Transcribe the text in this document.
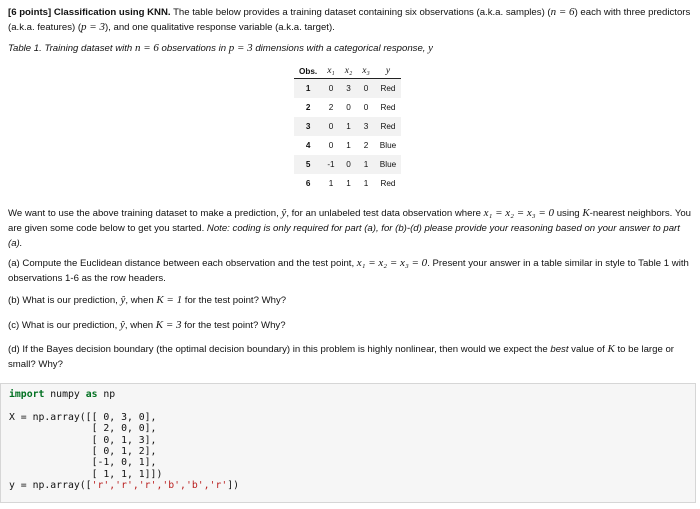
[6 points] Classification using KNN. The table below provides a training dataset containing six observations (a.k.a. samples) (n = 6) each with three predictors (a.k.a. features) (p = 3), and one qualitative response variable (a.k.a. target).

Table 1. Training dataset with n = 6 observations in p = 3 dimensions with a categorical response, y

Obs.	x₁	x₂	x₃	y
1	0	3	0	Red
2	2	0	0	Red
3	0	1	3	Red
4	0	1	2	Blue
5	-1	0	1	Blue
6	1	1	1	Red

We want to use the above training dataset to make a prediction, ŷ, for an unlabeled test data observation where x₁ = x₂ = x₃ = 0 using K-nearest neighbors. You are given some code below to get you started. Note: coding is only required for part (a), for (b)-(d) please provide your reasoning based on your answer to part (a).

(a) Compute the Euclidean distance between each observation and the test point, x₁ = x₂ = x₃ = 0. Present your answer in a table similar in style to Table 1 with observations 1-6 as the row headers.

(b) What is our prediction, ŷ, when K = 1 for the test point? Why?

(c) What is our prediction, ŷ, when K = 3 for the test point? Why?

(d) If the Bayes decision boundary (the optimal decision boundary) in this problem is highly nonlinear, then would we expect the best value of K to be large or small? Why?

import numpy as np

X = np.array([[ 0, 3, 0],
[ 2, 0, 0],
[ 0, 1, 3],
[ 0, 1, 2],
[-1, 0, 1],
[ 1, 1, 1]])
y = np.array(['r','r','r','b','b','r'])
